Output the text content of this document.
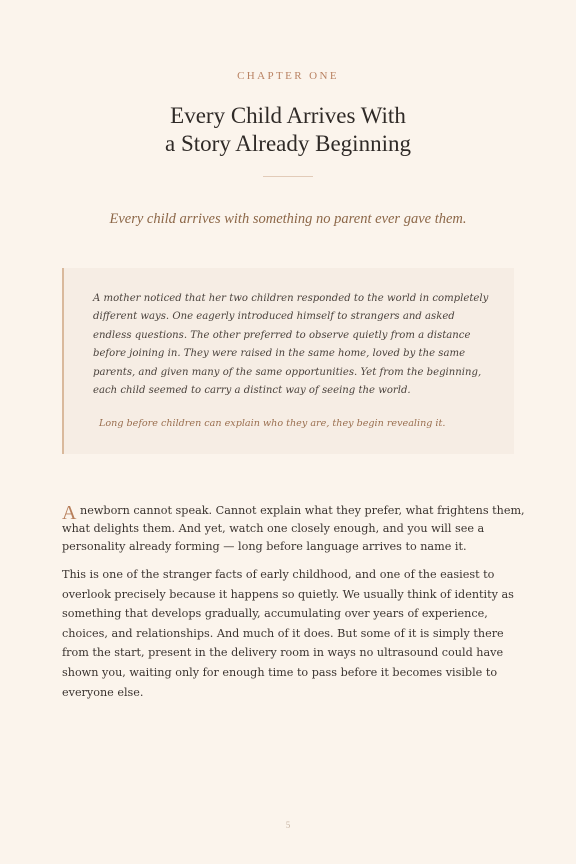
CHAPTER ONE
Every Child Arrives With
a Story Already Beginning
Every child arrives with something no parent ever gave them.

A mother noticed that her two children responded to the world in completely different ways. One eagerly introduced himself to strangers and asked endless questions. The other preferred to observe quietly from a distance before joining in. They were raised in the same home, loved by the same parents, and given many of the same opportunities. Yet from the beginning, each child seemed to carry a distinct way of seeing the world.

Long before children can explain who they are, they begin revealing it.

A newborn cannot speak. Cannot explain what they prefer, what frightens them, what delights them. And yet, watch one closely enough, and you will see a personality already forming — long before language arrives to name it.

This is one of the stranger facts of early childhood, and one of the easiest to overlook precisely because it happens so quietly. We usually think of identity as something that develops gradually, accumulating over years of experience, choices, and relationships. And much of it does. But some of it is simply there from the start, present in the delivery room in ways no ultrasound could have shown you, waiting only for enough time to pass before it becomes visible to everyone else.

5
